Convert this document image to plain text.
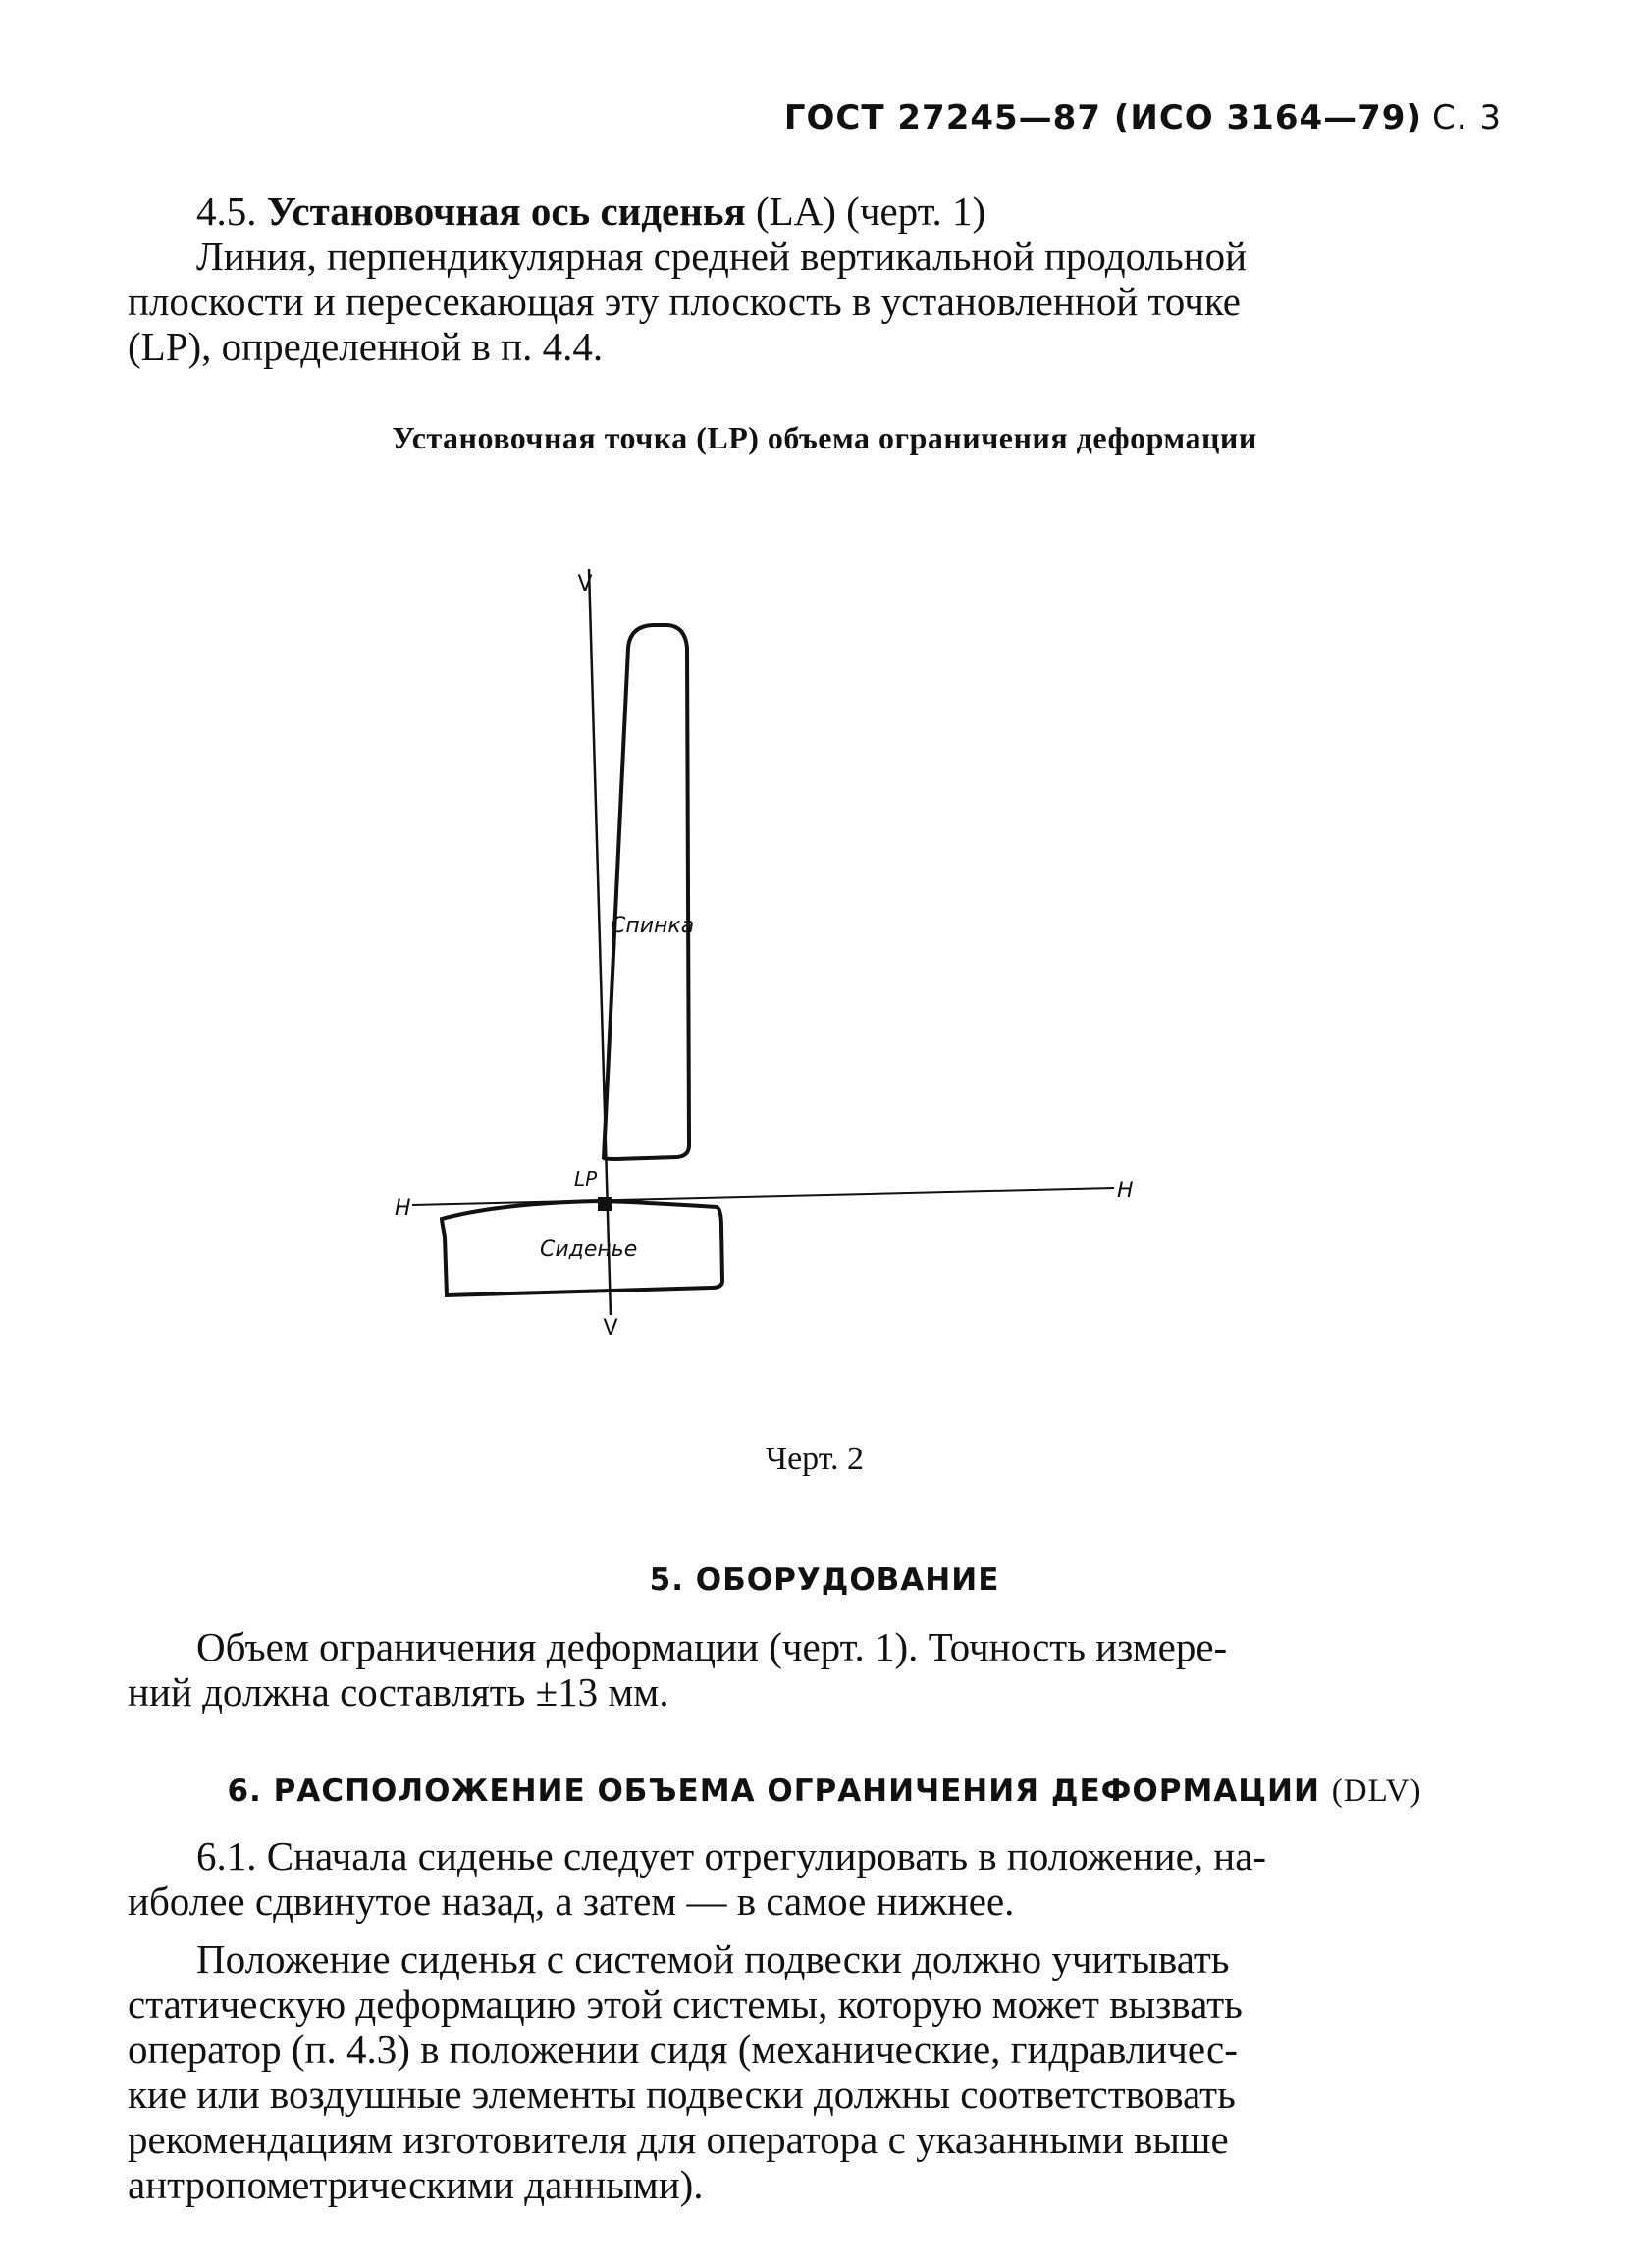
ГОСТ 27245—87 (ИСО 3164—79) С. 3
4.5. Установочная ось сиденья (LA) (черт. 1)
Линия, перпендикулярная средней вертикальной продольной
плоскости и пересекающая эту плоскость в установленной точке
(LP), определенной в п. 4.4.
Установочная точка (LP) объема ограничения деформации
V
V
H
H
LP
Спинка
Сиденье
Черт. 2
5. ОБОРУДОВАНИЕ
Объем ограничения деформации (черт. 1). Точность измере-
ний должна составлять ±13 мм.
6. РАСПОЛОЖЕНИЕ ОБЪЕМА ОГРАНИЧЕНИЯ ДЕФОРМАЦИИ (DLV)
6.1. Сначала сиденье следует отрегулировать в положение, на-
иболее сдвинутое назад, а затем — в самое нижнее.
Положение сиденья с системой подвески должно учитывать
статическую деформацию этой системы, которую может вызвать
оператор (п. 4.3) в положении сидя (механические, гидравличес-
кие или воздушные элементы подвески должны соответствовать
рекомендациям изготовителя для оператора с указанными выше
антропометрическими данными).
